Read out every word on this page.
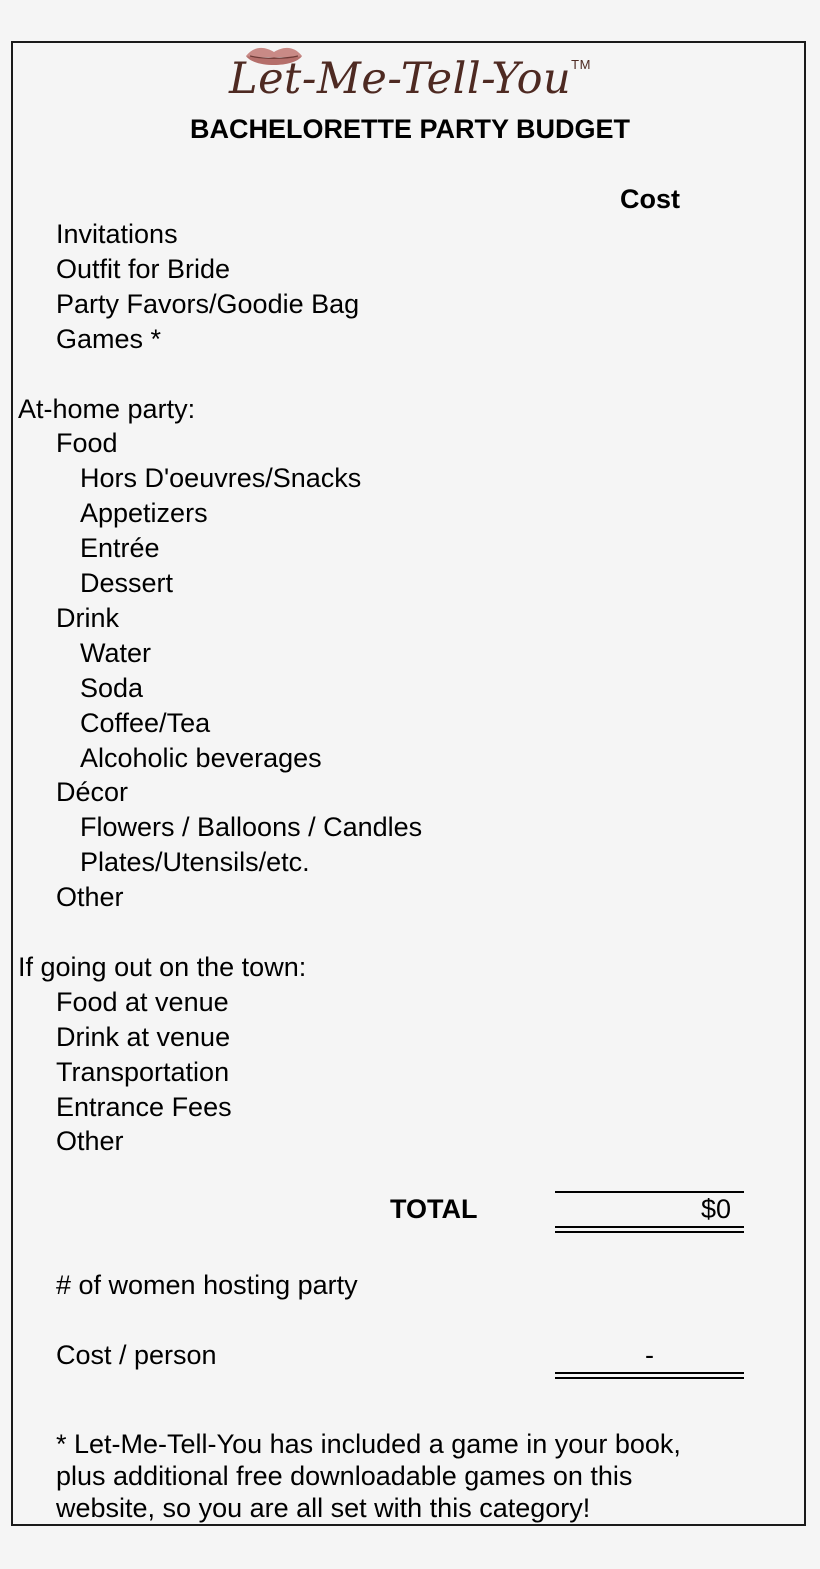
Let-Me-Tell-You™
BACHELORETTE PARTY BUDGET
Cost
Invitations
Outfit for Bride
Party Favors/Goodie Bag
Games *
At-home party:
Food
Hors D'oeuvres/Snacks
Appetizers
Entrée
Dessert
Drink
Water
Soda
Coffee/Tea
Alcoholic beverages
Décor
Flowers / Balloons / Candles
Plates/Utensils/etc.
Other
If going out on the town:
Food at venue
Drink at venue
Transportation
Entrance Fees
Other
TOTAL	$0
# of women hosting party
Cost / person	-
* Let-Me-Tell-You has included a game in your book,
plus additional free downloadable games on this
website, so you are all set with this category!
